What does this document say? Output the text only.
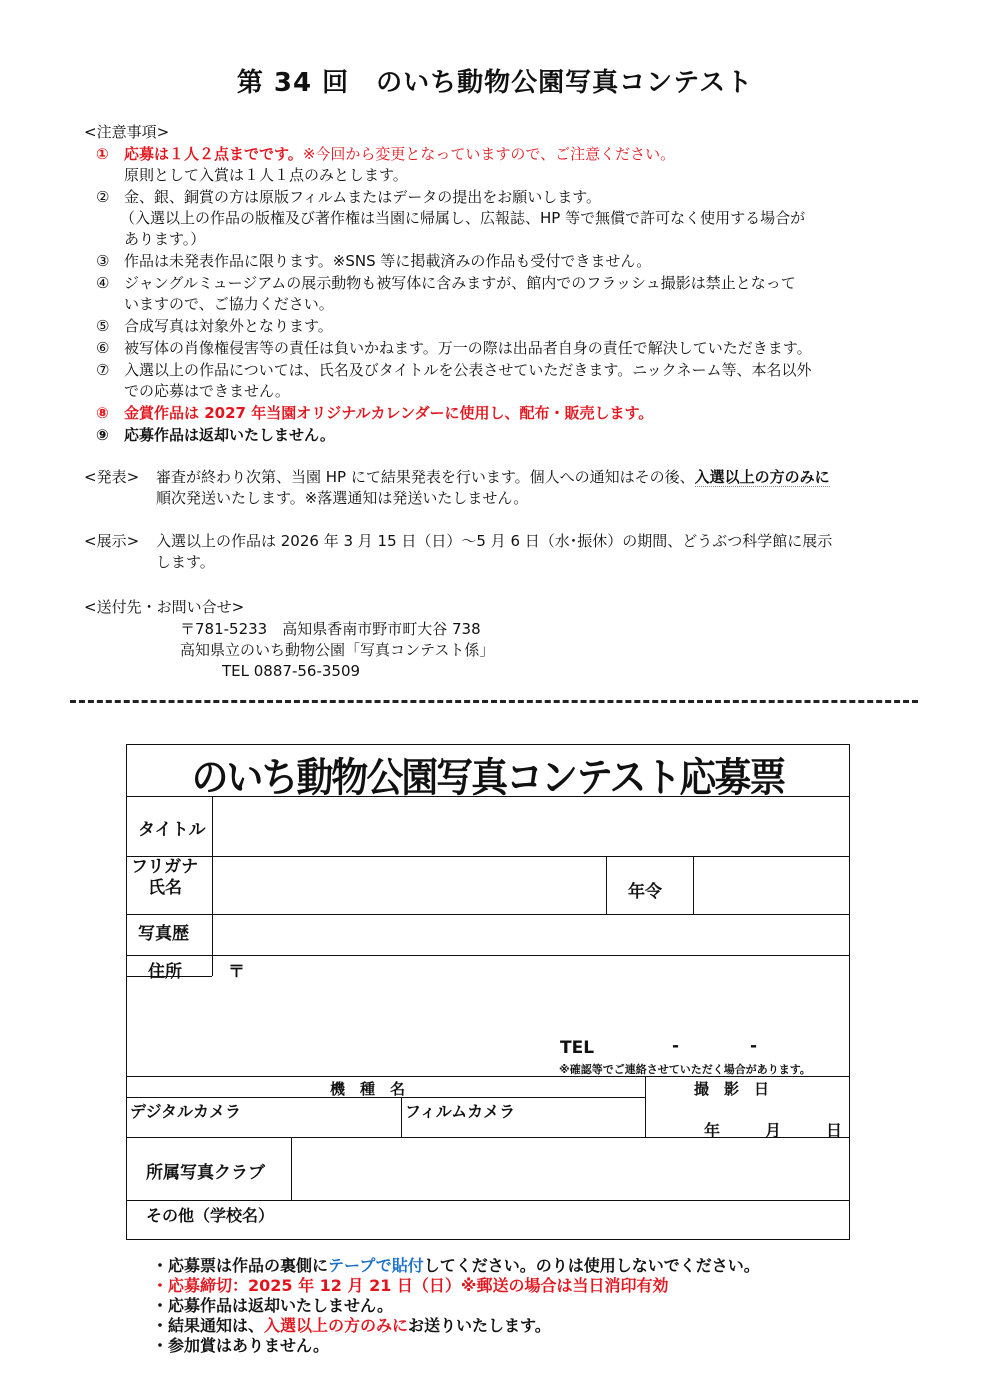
第 34 回　のいち動物公園写真コンテスト
<注意事項>
① 応募は１人２点までです。※今回から変更となっていますので、ご注意ください。
原則として入賞は１人１点のみとします。
② 金、銀、銅賞の方は原版フィルムまたはデータの提出をお願いします。
（入選以上の作品の版権及び著作権は当園に帰属し、広報誌、HP 等で無償で許可なく使用する場合が
あります。）
③ 作品は未発表作品に限ります。※SNS 等に掲載済みの作品も受付できません。
④ ジャングルミュージアムの展示動物も被写体に含みますが、館内でのフラッシュ撮影は禁止となって
いますので、ご協力ください。
⑤ 合成写真は対象外となります。
⑥ 被写体の肖像権侵害等の責任は負いかねます。万一の際は出品者自身の責任で解決していただきます。
⑦ 入選以上の作品については、氏名及びタイトルを公表させていただきます。ニックネーム等、本名以外
での応募はできません。
⑧ 金賞作品は 2027 年当園オリジナルカレンダーに使用し、配布・販売します。
⑨ 応募作品は返却いたしません。
<発表> 審査が終わり次第、当園 HP にて結果発表を行います。個人への通知はその後、入選以上の方のみに
順次発送いたします。※落選通知は発送いたしません。
<展示> 入選以上の作品は 2026 年 3 月 15 日（日）～5 月 6 日（水･振休）の期間、どうぶつ科学館に展示
します。
<送付先・お問い合せ>
〒781-5233　高知県香南市野市町大谷 738
高知県立のいち動物公園「写真コンテスト係」
TEL 0887-56-3509
のいち動物公園写真コンテスト応募票
タイトル
フリガナ
氏名	年令
写真歴
住所	〒
TEL	-	-
※確認等でご連絡させていただく場合があります。
機　種　名	撮　影　日
デジタルカメラ	フィルムカメラ
年	月	日
所属写真クラブ
その他（学校名）
・応募票は作品の裏側にテープで貼付してください。のりは使用しないでください。
・応募締切：2025 年 12 月 21 日（日）※郵送の場合は当日消印有効
・応募作品は返却いたしません。
・結果通知は、入選以上の方のみにお送りいたします。
・参加賞はありません。
